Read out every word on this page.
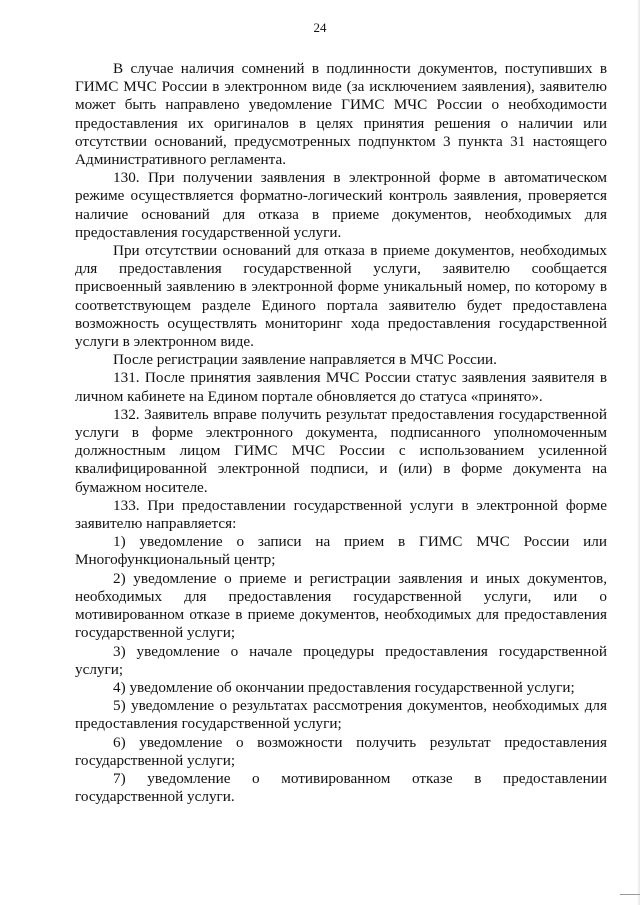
24

В случае наличия сомнений в подлинности документов, поступивших в ГИМС МЧС России в электронном виде (за исключением заявления), заявителю может быть направлено уведомление ГИМС МЧС России о необходимости предоставления их оригиналов в целях принятия решения о наличии или отсутствии оснований, предусмотренных подпунктом 3 пункта 31 настоящего Административного регламента.

130. При получении заявления в электронной форме в автоматическом режиме осуществляется форматно-логический контроль заявления, проверяется наличие оснований для отказа в приеме документов, необходимых для предоставления государственной услуги.

При отсутствии оснований для отказа в приеме документов, необходимых для предоставления государственной услуги, заявителю сообщается присвоенный заявлению в электронной форме уникальный номер, по которому в соответствующем разделе Единого портала заявителю будет предоставлена возможность осуществлять мониторинг хода предоставления государственной услуги в электронном виде.

После регистрации заявление направляется в МЧС России.

131. После принятия заявления МЧС России статус заявления заявителя в личном кабинете на Едином портале обновляется до статуса «принято».

132. Заявитель вправе получить результат предоставления государственной услуги в форме электронного документа, подписанного уполномоченным должностным лицом ГИМС МЧС России с использованием усиленной квалифицированной электронной подписи, и (или) в форме документа на бумажном носителе.

133. При предоставлении государственной услуги в электронной форме заявителю направляется:

1) уведомление о записи на прием в ГИМС МЧС России или Многофункциональный центр;

2) уведомление о приеме и регистрации заявления и иных документов, необходимых для предоставления государственной услуги, или о мотивированном отказе в приеме документов, необходимых для предоставления государственной услуги;

3) уведомление о начале процедуры предоставления государственной услуги;

4) уведомление об окончании предоставления государственной услуги;

5) уведомление о результатах рассмотрения документов, необходимых для предоставления государственной услуги;

6) уведомление о возможности получить результат предоставления государственной услуги;

7) уведомление о мотивированном отказе в предоставлении государственной услуги.
